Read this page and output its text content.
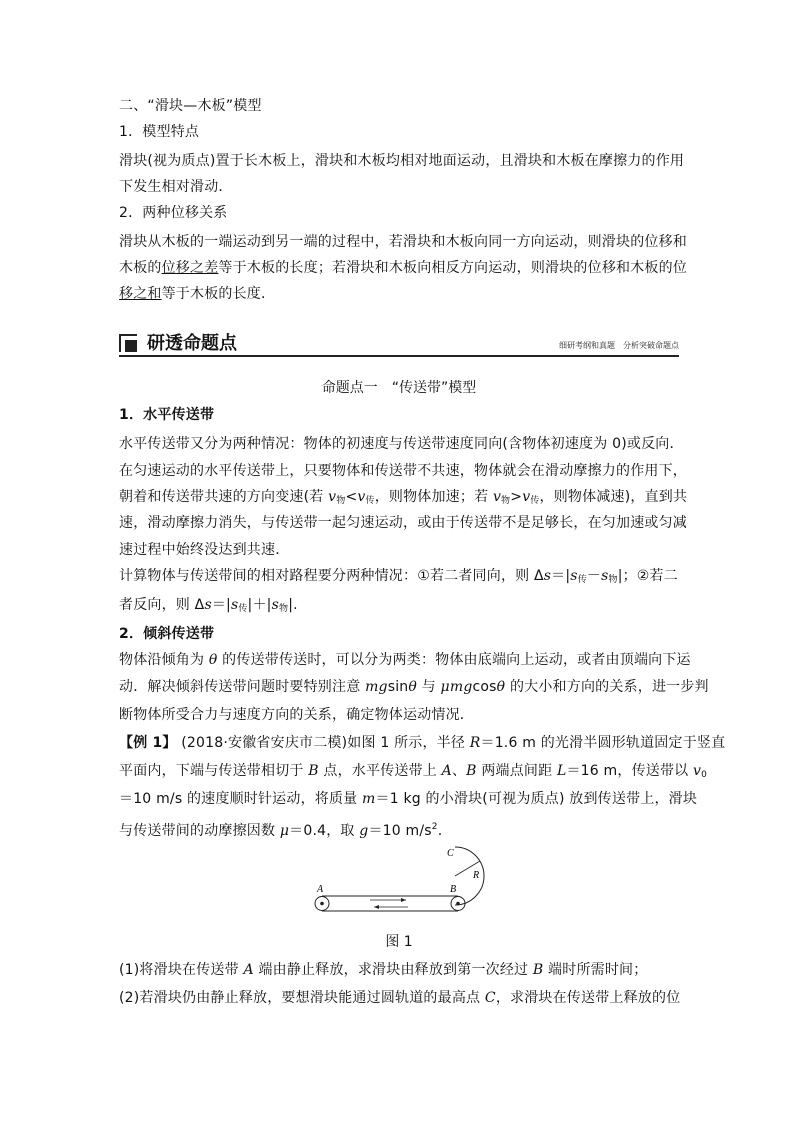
二、“滑块—木板”模型
1．模型特点
滑块(视为质点)置于长木板上，滑块和木板均相对地面运动，且滑块和木板在摩擦力的作用
下发生相对滑动．
2．两种位移关系
滑块从木板的一端运动到另一端的过程中，若滑块和木板向同一方向运动，则滑块的位移和
木板的位移之差等于木板的长度；若滑块和木板向相反方向运动，则滑块的位移和木板的位
移之和等于木板的长度．
研透命题点	细研考纲和真题　分析突破命题点
命题点一　“传送带”模型
1．水平传送带
水平传送带又分为两种情况：物体的初速度与传送带速度同向(含物体初速度为 0)或反向．
在匀速运动的水平传送带上，只要物体和传送带不共速，物体就会在滑动摩擦力的作用下，
朝着和传送带共速的方向变速(若 $v_物<v_传$，则物体加速；若 $v_物>v_传$，则物体减速)，直到共
速，滑动摩擦力消失，与传送带一起匀速运动，或由于传送带不是足够长，在匀加速或匀减
速过程中始终没达到共速．
计算物体与传送带间的相对路程要分两种情况：①若二者同向，则 $\Delta s=|s_传-s_物|$；②若二
者反向，则 $\Delta s=|s_传|+|s_物|$.
2．倾斜传送带
物体沿倾角为 θ 的传送带传送时，可以分为两类：物体由底端向上运动，或者由顶端向下运
动．解决倾斜传送带问题时要特别注意 mgsinθ 与 μmgcosθ 的大小和方向的关系，进一步判
断物体所受合力与速度方向的关系，确定物体运动情况．
【例 1】 (2018·安徽省安庆市二模)如图 1 所示，半径 R＝1.6 m 的光滑半圆形轨道固定于竖直
平面内，下端与传送带相切于 B 点，水平传送带上 A、B 两端点间距 L＝16 m，传送带以 $v_0$
＝10 m/s 的速度顺时针运动，将质量 m＝1 kg 的小滑块(可视为质点) 放到传送带上，滑块
与传送带间的动摩擦因数 μ＝0.4，取 g＝10 $m/s^2$.
A	B
C
R
图 1
(1)将滑块在传送带 A 端由静止释放，求滑块由释放到第一次经过 B 端时所需时间；
(2)若滑块仍由静止释放，要想滑块能通过圆轨道的最高点 C，求滑块在传送带上释放的位
